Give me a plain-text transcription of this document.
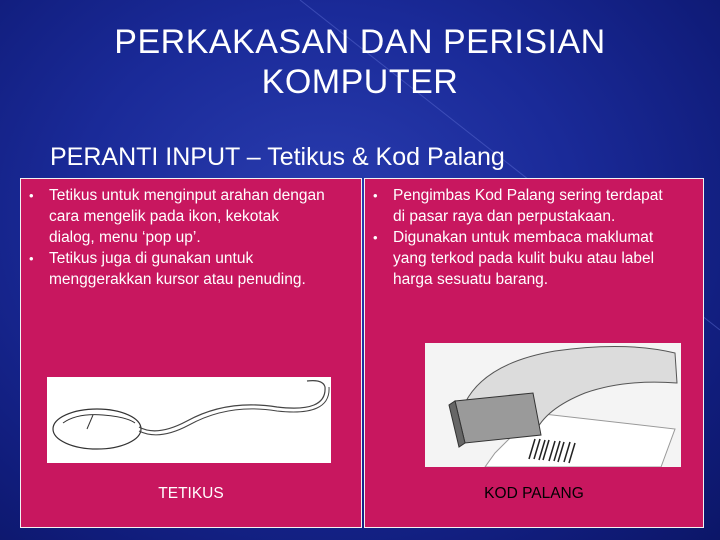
PERKAKASAN DAN PERISIAN KOMPUTER
PERANTI INPUT – Tetikus & Kod Palang
• Tetikus untuk menginput arahan dengan cara mengelik pada ikon, kekotak dialog, menu ‘pop up’.
• Tetikus juga di gunakan untuk menggerakkan kursor atau penuding.
TETIKUS
• Pengimbas Kod Palang sering terdapat di pasar raya dan perpustakaan.
• Digunakan untuk membaca maklumat yang terkod pada kulit buku atau label harga sesuatu barang.
KOD PALANG
